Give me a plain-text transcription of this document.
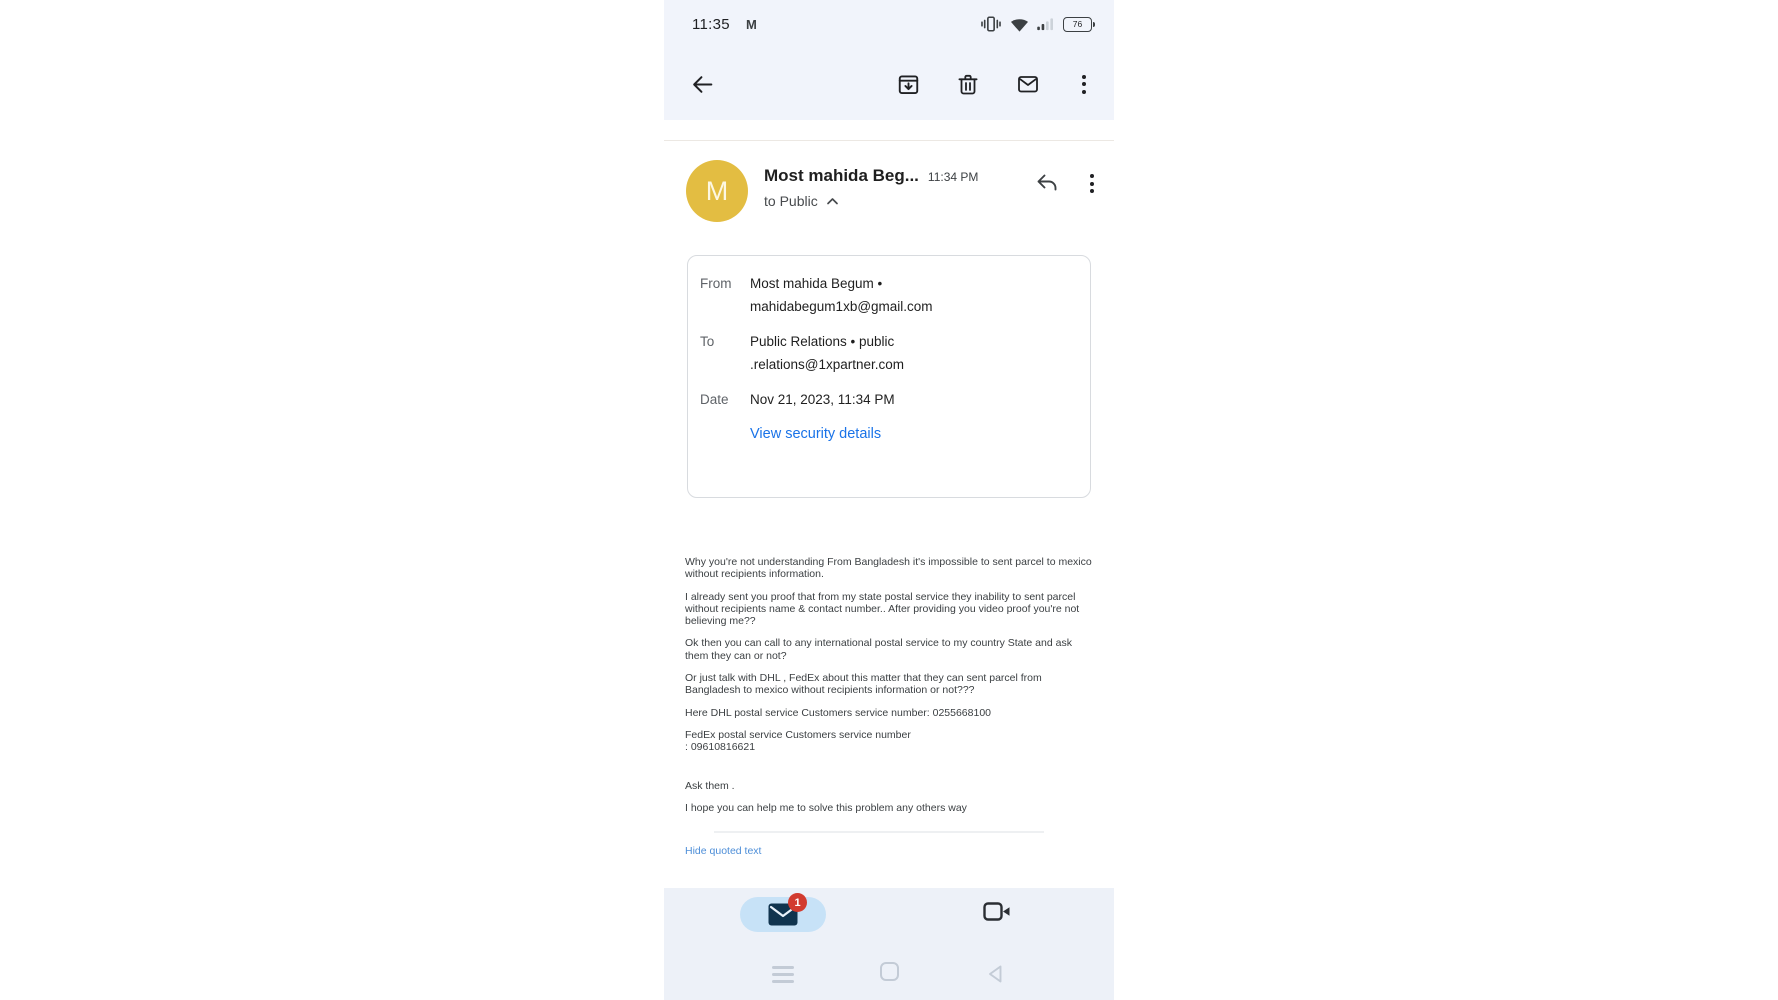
11:35 M	76
M	Most mahida Beg... 11:34 PM
to Public
From	Most mahida Begum •
mahidabegum1xb@gmail.com
To	Public Relations • public
.relations@1xpartner.com
Date	Nov 21, 2023, 11:34 PM
View security details

Why you're not understanding From Bangladesh it's impossible to sent parcel to mexico without recipients information.

I already sent you proof that from my state postal service they inability to sent parcel without recipients name & contact number.. After providing you video proof you're not believing me??

Ok then you can call to any international postal service to my country State and ask them they can or not?

Or just talk with DHL , FedEx about this matter that they can sent parcel from Bangladesh to mexico without recipients information or not???

Here DHL postal service Customers service number: 0255668100

FedEx postal service Customers service number

: 09610816621

Ask them .

I hope you can help me to solve this problem any others way

Hide quoted text
1
